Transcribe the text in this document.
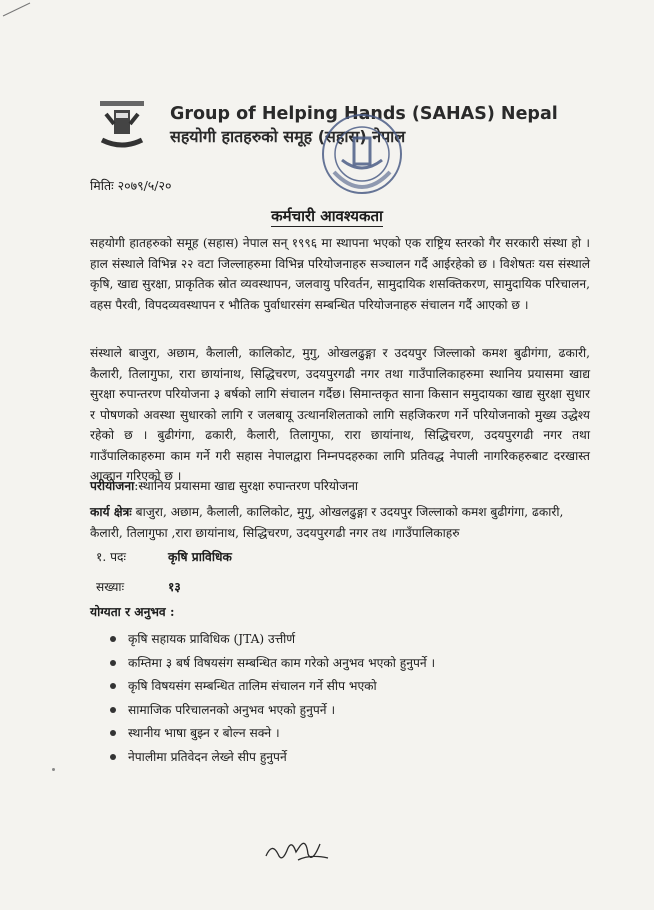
Group of Helping Hands (SAHAS) Nepal
सहयोगी हातहरुको समूह (सहास) नेपाल
मितिः २०७९/५/२०
कर्मचारी आवश्यकता

सहयोगी हातहरुको समूह (सहास) नेपाल सन् १९९६ मा स्थापना भएको एक राष्ट्रिय स्तरको गैर सरकारी संस्था हो । हाल संस्थाले विभिन्न २२ वटा जिल्लाहरुमा विभिन्न परियोजनाहरु सञ्चालन गर्दै आईरहेको छ । विशेषतः यस संस्थाले कृषि, खाद्य सुरक्षा, प्राकृतिक स्रोत व्यवस्थापन, जलवायु परिवर्तन, सामुदायिक शसक्तिकरण, सामुदायिक परिचालन, वहस पैरवी, विपदव्यवस्थापन र भौतिक पुर्वाधारसंग सम्बन्धित परियोजनाहरु संचालन गर्दै आएको छ ।

संस्थाले बाजुरा, अछाम, कैलाली, कालिकोट, मुगु, ओखलढुङ्गा र उदयपुर जिल्लाको कमश बुढीगंगा, ढकारी, कैलारी, तिलागुफा, रारा छायांनाथ, सिद्धिचरण, उदयपुरगढी नगर तथा गाउँपालिकाहरुमा स्थानिय प्रयासमा खाद्य सुरक्षा रुपान्तरण परियोजना ३ बर्षको लागि संचालन गर्दैछ। सिमान्तकृत साना किसान समुदायका खाद्य सुरक्षा सुधार र पोषणको अवस्था सुधारको लागि र जलबायू उत्थानशिलताको लागि सहजिकरण गर्ने परियोजनाको मुख्य उद्धेश्य रहेको छ । बुढीगंगा, ढकारी, कैलारी, तिलागुफा, रारा छायांनाथ, सिद्धिचरण, उदयपुरगढी नगर तथा गाउँपालिकाहरुमा काम गर्ने गरी सहास नेपालद्वारा निम्नपदहरुका लागि प्रतिवद्ध नेपाली नागरिकहरुबाट दरखास्त आव्हान गरिएको छ ।

परीयोजना:स्थानिय प्रयासमा खाद्य सुरक्षा रुपान्तरण परियोजना

कार्य क्षेत्रः बाजुरा, अछाम, कैलाली, कालिकोट, मुगु, ओखलढुङ्गा र उदयपुर जिल्लाको कमश बुढीगंगा, ढकारी, कैलारी, तिलागुफा ,रारा छायांनाथ, सिद्धिचरण, उदयपुरगढी नगर तथ ।गाउँपालिकाहरु

१. पदः	कृषि प्राविधिक
सख्याः	१३
योग्यता र अनुभव :
कृषि सहायक प्राविधिक (JTA) उत्तीर्ण
कम्तिमा ३ बर्ष विषयसंग सम्बन्धित काम गरेको अनुभव भएको हुनुपर्ने ।
कृषि विषयसंग सम्बन्धित तालिम संचालन गर्ने सीप भएको
सामाजिक परिचालनको अनुभव भएको हुनुपर्ने ।
स्थानीय भाषा बुझ्न र बोल्न सक्ने ।
नेपालीमा प्रतिवेदन लेख्ने सीप हुनुपर्ने
